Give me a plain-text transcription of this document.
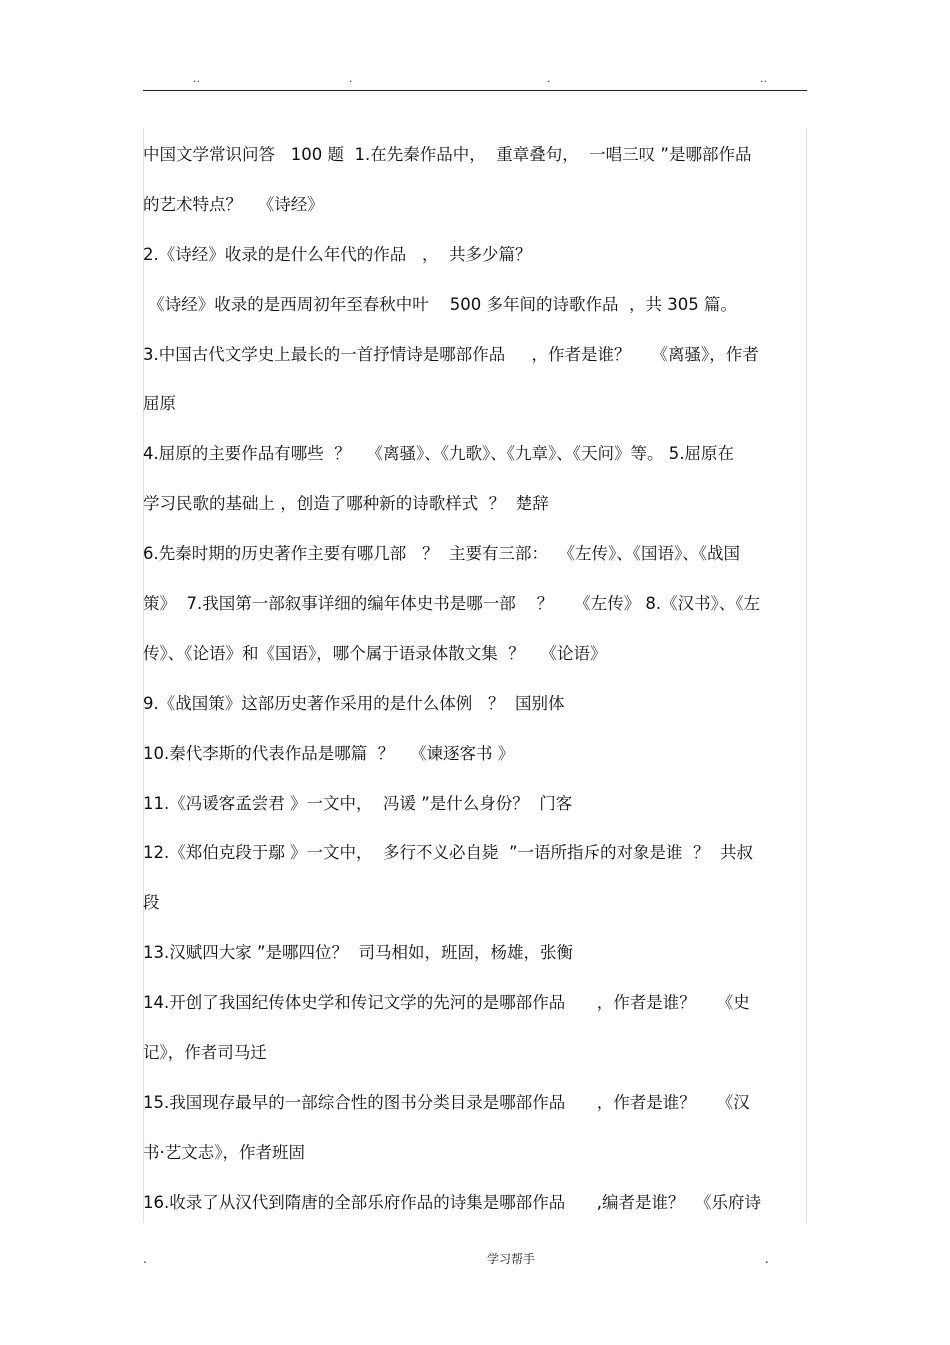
..	.	.	..
中国文学常识问答   100 题  1.在先秦作品中，  重章叠句，  一唱三叹 ”是哪部作品
的艺术特点？   《诗经》
2.《诗经》收录的是什么年代的作品   ，  共多少篇？
《诗经》收录的是西周初年至春秋中叶    500 多年间的诗歌作品  ，共 305 篇。
3.中国古代文学史上最长的一首抒情诗是哪部作品     ，作者是谁？    《离骚》，作者
屈原
4.屈原的主要作品有哪些  ？   《离骚》、《九歌》、《九章》、《天问》等。 5.屈原在
学习民歌的基础上 ，创造了哪种新的诗歌样式  ？  楚辞
6.先秦时期的历史著作主要有哪几部   ？  主要有三部：  《左传》、《国语》、《战国
策》  7.我国第一部叙事详细的编年体史书是哪一部    ？    《左传》 8.《汉书》、《左
传》、《论语》和《国语》，哪个属于语录体散文集  ？   《论语》
9.《战国策》这部历史著作采用的是什么体例   ？  国别体
10.秦代李斯的代表作品是哪篇  ？   《谏逐客书 》
11.《冯谖客孟尝君 》一文中，  冯谖 ”是什么身份？  门客
12.《郑伯克段于鄢 》一文中，  多行不义必自毙  ”一语所指斥的对象是谁  ？  共叔
段
13.汉赋四大家 ”是哪四位？  司马相如，班固，杨雄，张衡
14.开创了我国纪传体史学和传记文学的先河的是哪部作品      ，作者是谁？    《史
记》，作者司马迁
15.我国现存最早的一部综合性的图书分类目录是哪部作品      ，作者是谁？    《汉
书·艺文志》，作者班固
16.收录了从汉代到隋唐的全部乐府作品的诗集是哪部作品      ,编者是谁？  《乐府诗
.	学习帮手	.
